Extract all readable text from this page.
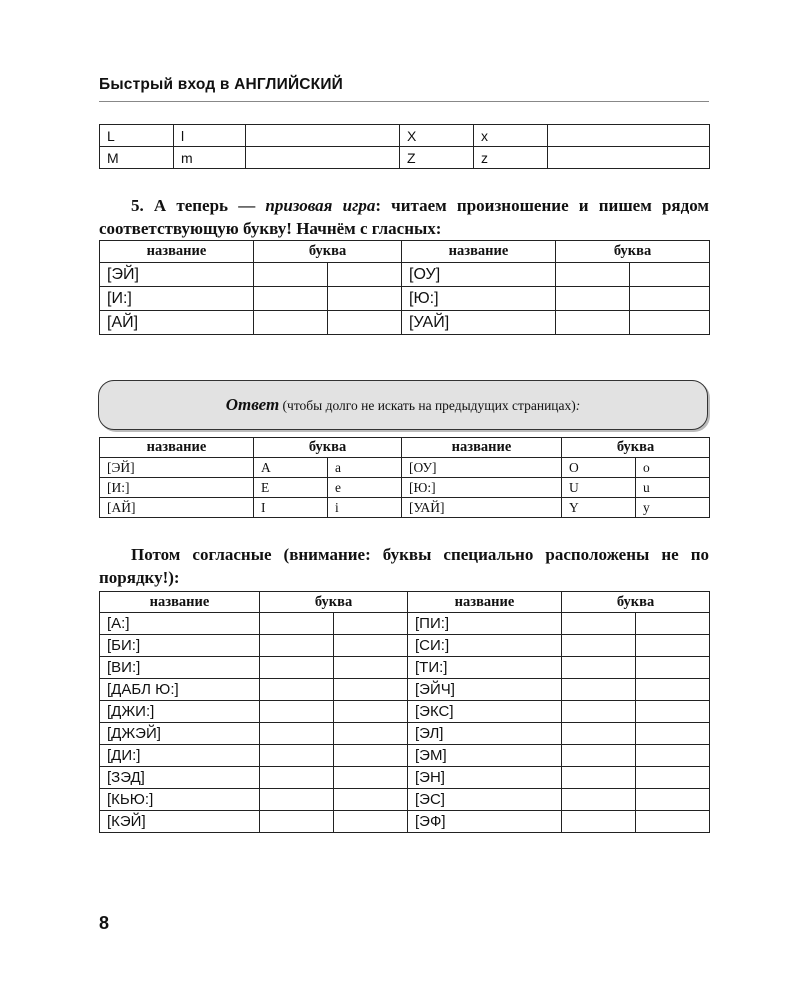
Быстрый вход в АНГЛИЙСКИЙ
L	l		X	x	
M	m		Z	z	
5. А теперь — призовая игра: читаем произношение и пишем рядом соответствующую букву! Начнём с гласных:
название	буква		название	буква	
[ЭЙ]			[ОУ]		
[И:]			[Ю:]		
[АЙ]			[УАЙ]		
Ответ (чтобы долго не искать на предыдущих страницах):
название	буква		название	буква	
[ЭЙ]	A	a	[ОУ]	O	o
[И:]	E	e	[Ю:]	U	u
[АЙ]	I	i	[УАЙ]	Y	y
Потом согласные (внимание: буквы специально расположены не по порядку!):
название	буква		название	буква	
[А:]			[ПИ:]		
[БИ:]			[СИ:]		
[ВИ:]			[ТИ:]		
[ДАБЛ Ю:]			[ЭЙЧ]		
[ДЖИ:]			[ЭКС]		
[ДЖЭЙ]			[ЭЛ]		
[ДИ:]			[ЭМ]		
[ЗЭД]			[ЭН]		
[КЬЮ:]			[ЭС]		
[КЭЙ]			[ЭФ]		
8
